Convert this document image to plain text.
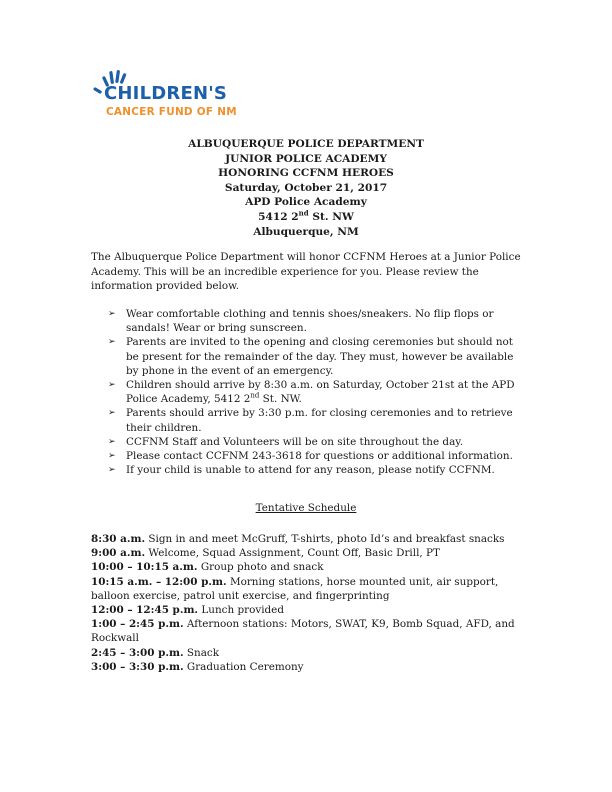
CHILDREN'S
CANCER FUND OF NM
ALBUQUERQUE POLICE DEPARTMENT
JUNIOR POLICE ACADEMY
HONORING CCFNM HEROES
Saturday, October 21, 2017
APD Police Academy
5412 2nd St. NW
Albuquerque, NM
The Albuquerque Police Department will honor CCFNM Heroes at a Junior Police Academy. This will be an incredible experience for you. Please review the information provided below.
➢ Wear comfortable clothing and tennis shoes/sneakers. No flip flops or sandals! Wear or bring sunscreen.
➢ Parents are invited to the opening and closing ceremonies but should not be present for the remainder of the day. They must, however be available by phone in the event of an emergency.
➢ Children should arrive by 8:30 a.m. on Saturday, October 21st at the APD Police Academy, 5412 2nd St. NW.
➢ Parents should arrive by 3:30 p.m. for closing ceremonies and to retrieve their children.
➢ CCFNM Staff and Volunteers will be on site throughout the day.
➢ Please contact CCFNM 243-3618 for questions or additional information.
➢ If your child is unable to attend for any reason, please notify CCFNM.
Tentative Schedule
8:30 a.m. Sign in and meet McGruff, T-shirts, photo Id’s and breakfast snacks
9:00 a.m. Welcome, Squad Assignment, Count Off, Basic Drill, PT
10:00 – 10:15 a.m. Group photo and snack
10:15 a.m. – 12:00 p.m. Morning stations, horse mounted unit, air support, balloon exercise, patrol unit exercise, and fingerprinting
12:00 – 12:45 p.m. Lunch provided
1:00 – 2:45 p.m. Afternoon stations: Motors, SWAT, K9, Bomb Squad, AFD, and Rockwall
2:45 – 3:00 p.m. Snack
3:00 – 3:30 p.m. Graduation Ceremony
